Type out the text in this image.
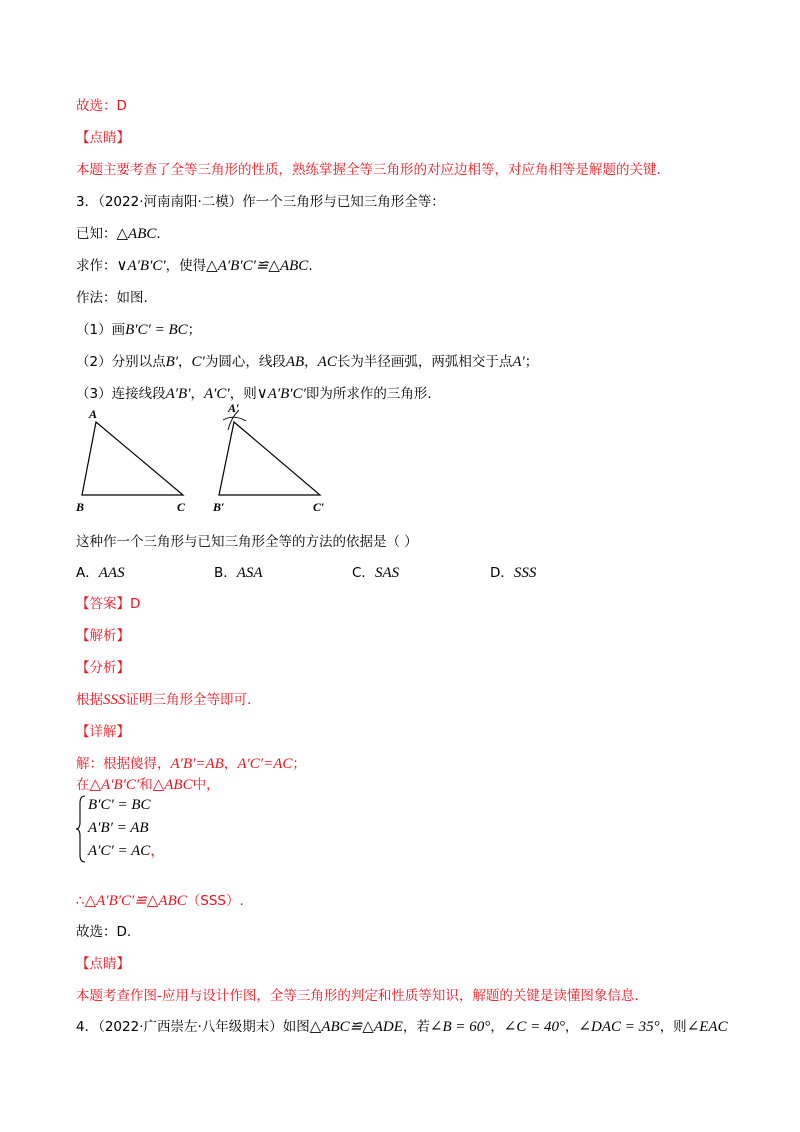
故选：D
【点睛】
本题主要考查了全等三角形的性质，熟练掌握全等三角形的对应边相等，对应角相等是解题的关键.
3．（2022·河南南阳·二模）作一个三角形与已知三角形全等：
已知：△ABC.
求作：∨A′B′C′，使得△A′B′C′≌△ABC.
作法：如图.
（1）画B′C′ = BC；
（2）分别以点B′，C′为圆心，线段AB，AC长为半径画弧，两弧相交于点A′；
（3）连接线段A′B′，A′C′，则∨A′B′C′即为所求作的三角形.
A
B	C
A′
B′	C′
这种作一个三角形与已知三角形全等的方法的依据是（ ）
A．AAS	B．ASA	C．SAS	D．SSS
【答案】D
【解析】
【分析】
根据SSS证明三角形全等即可.
【详解】
解：根据傻得，A′B′=AB，A′C′=AC；
在△A′B′C′和△ABC中，
B′C′ = BC
A′B′ = AB
A′C′ = AC，
∴△A′B′C′≌△ABC（SSS）.
故选：D.
【点睛】
本题考查作图-应用与设计作图，全等三角形的判定和性质等知识，解题的关键是读懂图象信息.
4．（2022·广西崇左·八年级期末）如图△ABC≌△ADE，若∠B = 60°，∠C = 40°，∠DAC = 35°，则∠EAC
